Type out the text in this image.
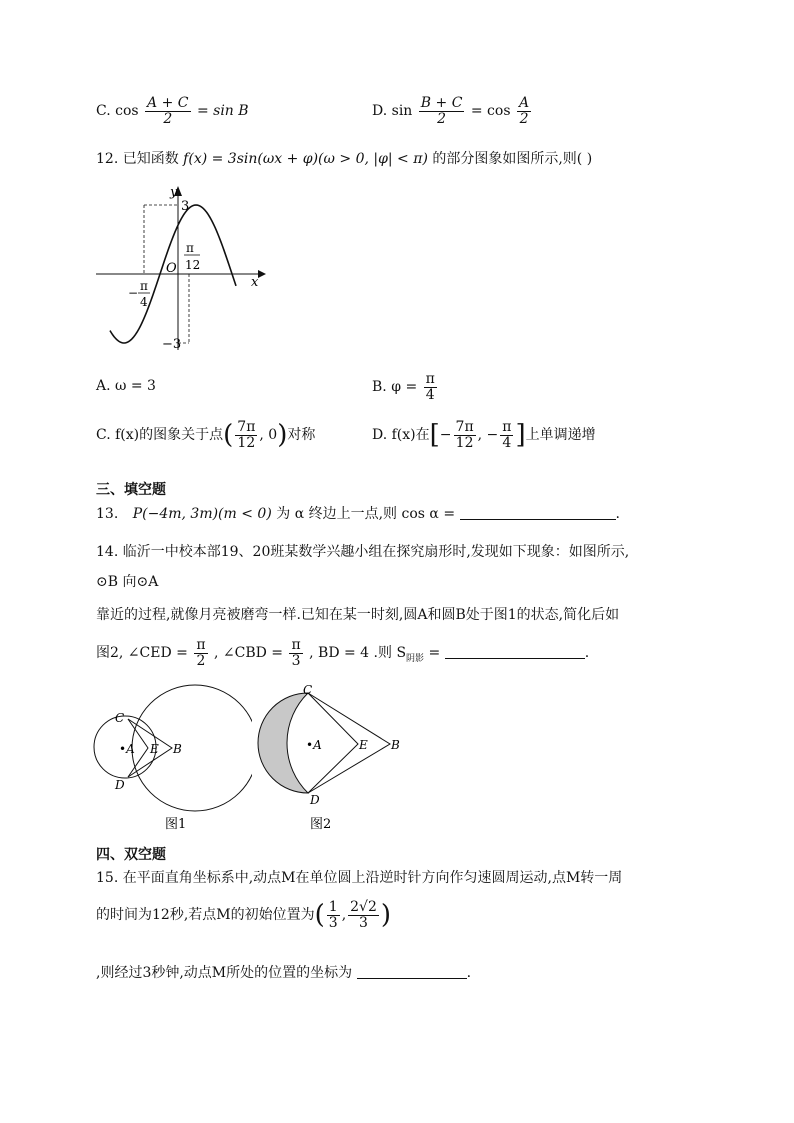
C. $\cos \frac{A + C}{2} = \sin B$	D. $\sin \frac{B + C}{2} = \cos \frac{A}{2}$
12. 已知函数 f(x) = 3sin(ωx + φ)(ω > 0, |φ| < π) 的部分图象如图所示,则( )
y
x
O
3
−3
π
12
− π
4
A. ω = 3	B. $\varphi = \frac{\pi}{4}$
C. f(x)的图象关于点( $\frac{7\pi}{12}$ , 0)对称	D. f(x)在[− $\frac{7\pi}{12}$ , − $\frac{\pi}{4}$ ]上单调递增
三、填空题
13. P(−4m, 3m)(m < 0) 为 α 终边上一点,则 cos α =	.
14. 临沂一中校本部19、20班某数学兴趣小组在探究扇形时,发现如下现象：如图所示,
⊙B 向⊙A
靠近的过程,就像月亮被磨弯一样.已知在某一时刻,圆A和圆B处于图1的状态,简化后如
图2, ∠CED = $\frac{\pi}{2}$ , ∠CBD = $\frac{\pi}{3}$ , BD = 4 .则 $S_{阴影}$ =	.
C
•A E B
D
图1
C
•A	E B
D
图2
四、双空题
15. 在平面直角坐标系中,动点M在单位圆上沿逆时针方向作匀速圆周运动,点M转一周
的时间为12秒,若点M的初始位置为( $\frac{1}{3}$ , $\frac{2√2}{3}$ )
,则经过3秒钟,动点M所处的位置的坐标为	.
